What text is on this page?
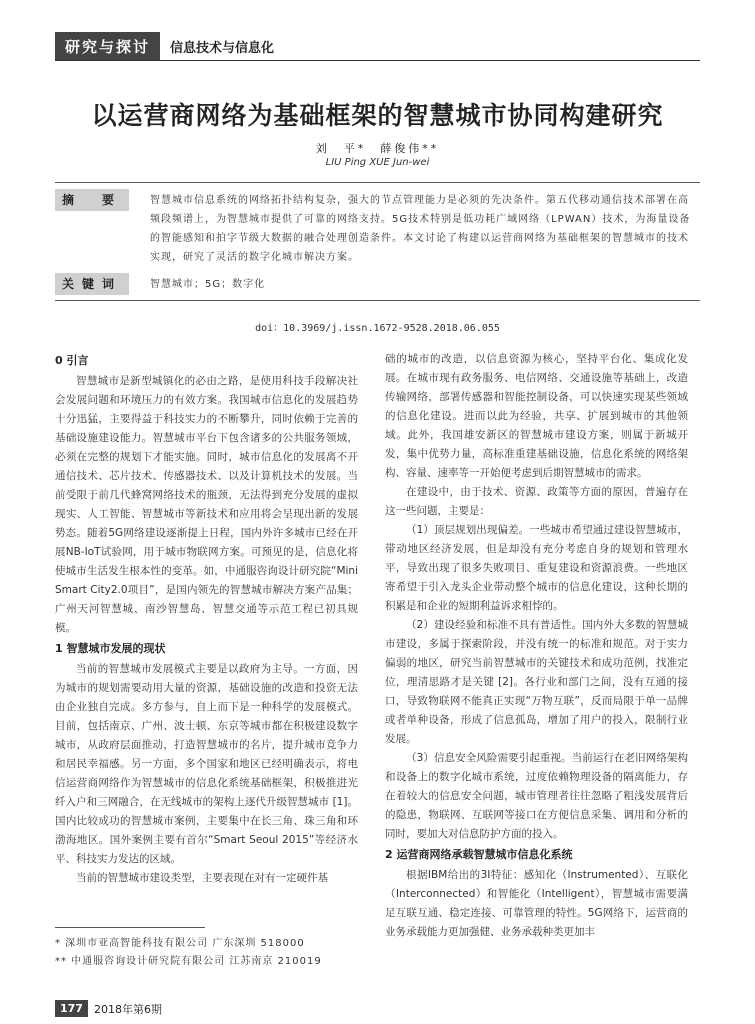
研究与探讨	信息技术与信息化
以运营商网络为基础框架的智慧城市协同构建研究
刘　平*　薛俊伟**
LIU Ping XUE Jun-wei
摘　要	智慧城市信息系统的网络拓扑结构复杂，强大的节点管理能力是必须的先决条件。第五代移动通信技术部署在高频段频谱上，为智慧城市提供了可靠的网络支持。5G技术特别是低功耗广域网络（LPWAN）技术，为海量设备的智能感知和拍字节级大数据的融合处理创造条件。本文讨论了构建以运营商网络为基础框架的智慧城市的技术实现，研究了灵活的数字化城市解决方案。
关键词	智慧城市；5G；数字化
doi：10.3969/j.issn.1672-9528.2018.06.055
0 引言

智慧城市是新型城镇化的必由之路，是使用科技手段解决社会发展问题和环境压力的有效方案。我国城市信息化的发展趋势十分迅猛，主要得益于科技实力的不断攀升，同时依赖于完善的基础设施建设能力。智慧城市平台下包含诸多的公共服务领域，必须在完整的规划下才能实施。同时，城市信息化的发展离不开通信技术、芯片技术、传感器技术、以及计算机技术的发展。当前受限于前几代蜂窝网络技术的瓶颈，无法得到充分发展的虚拟现实、人工智能、智慧城市等新技术和应用将会呈现出新的发展势态。随着5G网络建设逐渐提上日程，国内外许多城市已经在开展NB-IoT试验网，用于城市物联网方案。可预见的是，信息化将使城市生活发生根本性的变革。如，中通服咨询设计研究院“Mini Smart City2.0项目”，是国内领先的智慧城市解决方案产品集；广州天河智慧城、南沙智慧岛、智慧交通等示范工程已初具规模。

1 智慧城市发展的现状

当前的智慧城市发展模式主要是以政府为主导。一方面，因为城市的规划需要动用大量的资源，基础设施的改造和投资无法由企业独自完成。多方参与，自上而下是一种科学的发展模式。目前，包括南京、广州、波士顿、东京等城市都在积极建设数字城市，从政府层面推动，打造智慧城市的名片，提升城市竞争力和居民幸福感。另一方面，多个国家和地区已经明确表示，将电信运营商网络作为智慧城市的信息化系统基础框架，积极推进光纤入户和三网融合，在无线城市的架构上逐代升级智慧城市 [1]。国内比较成功的智慧城市案例，主要集中在长三角、珠三角和环渤海地区。国外案例主要有首尔“Smart Seoul 2015”等经济水平、科技实力发达的区域。

当前的智慧城市建设类型，主要表现在对有一定硬件基

础的城市的改造，以信息资源为核心，坚持平台化、集成化发展。在城市现有政务服务、电信网络、交通设施等基础上，改造传输网络，部署传感器和智能控制设备，可以快速实现某些领域的信息化建设。进而以此为经验，共享、扩展到城市的其他领域。此外，我国雄安新区的智慧城市建设方案，则属于新城开发，集中优势力量，高标准重建基础设施，信息化系统的网络架构、容量、速率等一开始便考虑到后期智慧城市的需求。

在建设中，由于技术、资源、政策等方面的原因，普遍存在这一些问题，主要是：

（1）顶层规划出现偏差。一些城市希望通过建设智慧城市，带动地区经济发展，但是却没有充分考虑自身的规划和管理水平，导致出现了很多失败项目、重复建设和资源浪费。一些地区寄希望于引入龙头企业带动整个城市的信息化建设，这种长期的积累是和企业的短期利益诉求相悖的。

（2）建设经验和标准不具有普适性。国内外大多数的智慧城市建设，多属于探索阶段，并没有统一的标准和规范。对于实力偏弱的地区，研究当前智慧城市的关键技术和成功范例，找准定位，理清思路才是关键 [2]。各行业和部门之间，没有互通的接口，导致物联网不能真正实现“万物互联”，反而局限于单一品牌或者单种设备，形成了信息孤岛，增加了用户的投入，限制行业发展。

（3）信息安全风险需要引起重视。当前运行在老旧网络架构和设备上的数字化城市系统，过度依赖物理设备的隔离能力，存在着较大的信息安全问题，城市管理者往往忽略了粗浅发展背后的隐患，物联网、互联网等接口在方便信息采集、调用和分析的同时，要加大对信息防护方面的投入。

2 运营商网络承载智慧城市信息化系统

根据IBM给出的3I特征：感知化（Instrumented）、互联化（Interconnected）和智能化（Intelligent），智慧城市需要满足互联互通、稳定连接、可靠管理的特性。5G网络下，运营商的业务承载能力更加强健、业务承载种类更加丰

* 深圳市亚高智能科技有限公司 广东深圳 518000
** 中通服咨询设计研究院有限公司 江苏南京 210019
177	2018年第6期
